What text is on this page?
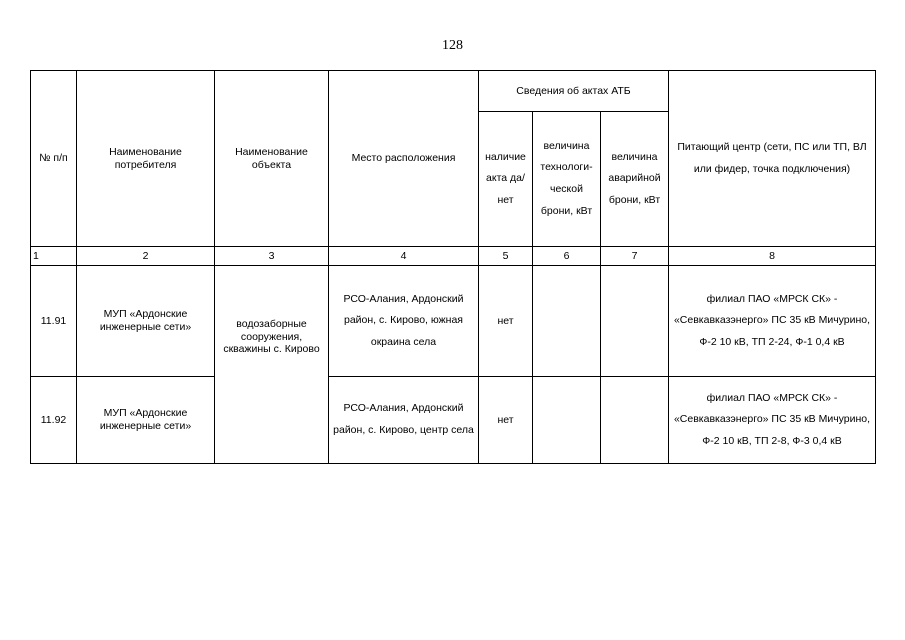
128
№ п/п	Наименование потребителя	Наименование объекта	Место расположения	Сведения об актах АТБ			Питающий центр (сети, ПС или ТП, ВЛ или фидер, точка подключения)
				наличие акта да/нет	величина технологи- ческой брони, кВт	величина аварийной брони, кВт	
1	2	3	4	5	6	7	8
11.91	МУП «Ардонские инженерные сети»	водозаборные сооружения, скважины с. Кирово	РСО-Алания, Ардонский район, с. Кирово, южная окраина села	нет			филиал ПАО «МРСК СК» - «Севкавказэнерго» ПС 35 кВ Мичурино, Ф-2 10 кВ, ТП 2-24, Ф-1 0,4 кВ
11.92	МУП «Ардонские инженерные сети»		РСО-Алания, Ардонский район, с. Кирово, центр села	нет			филиал ПАО «МРСК СК» - «Севкавказэнерго» ПС 35 кВ Мичурино, Ф-2 10 кВ, ТП 2-8, Ф-3 0,4 кВ
